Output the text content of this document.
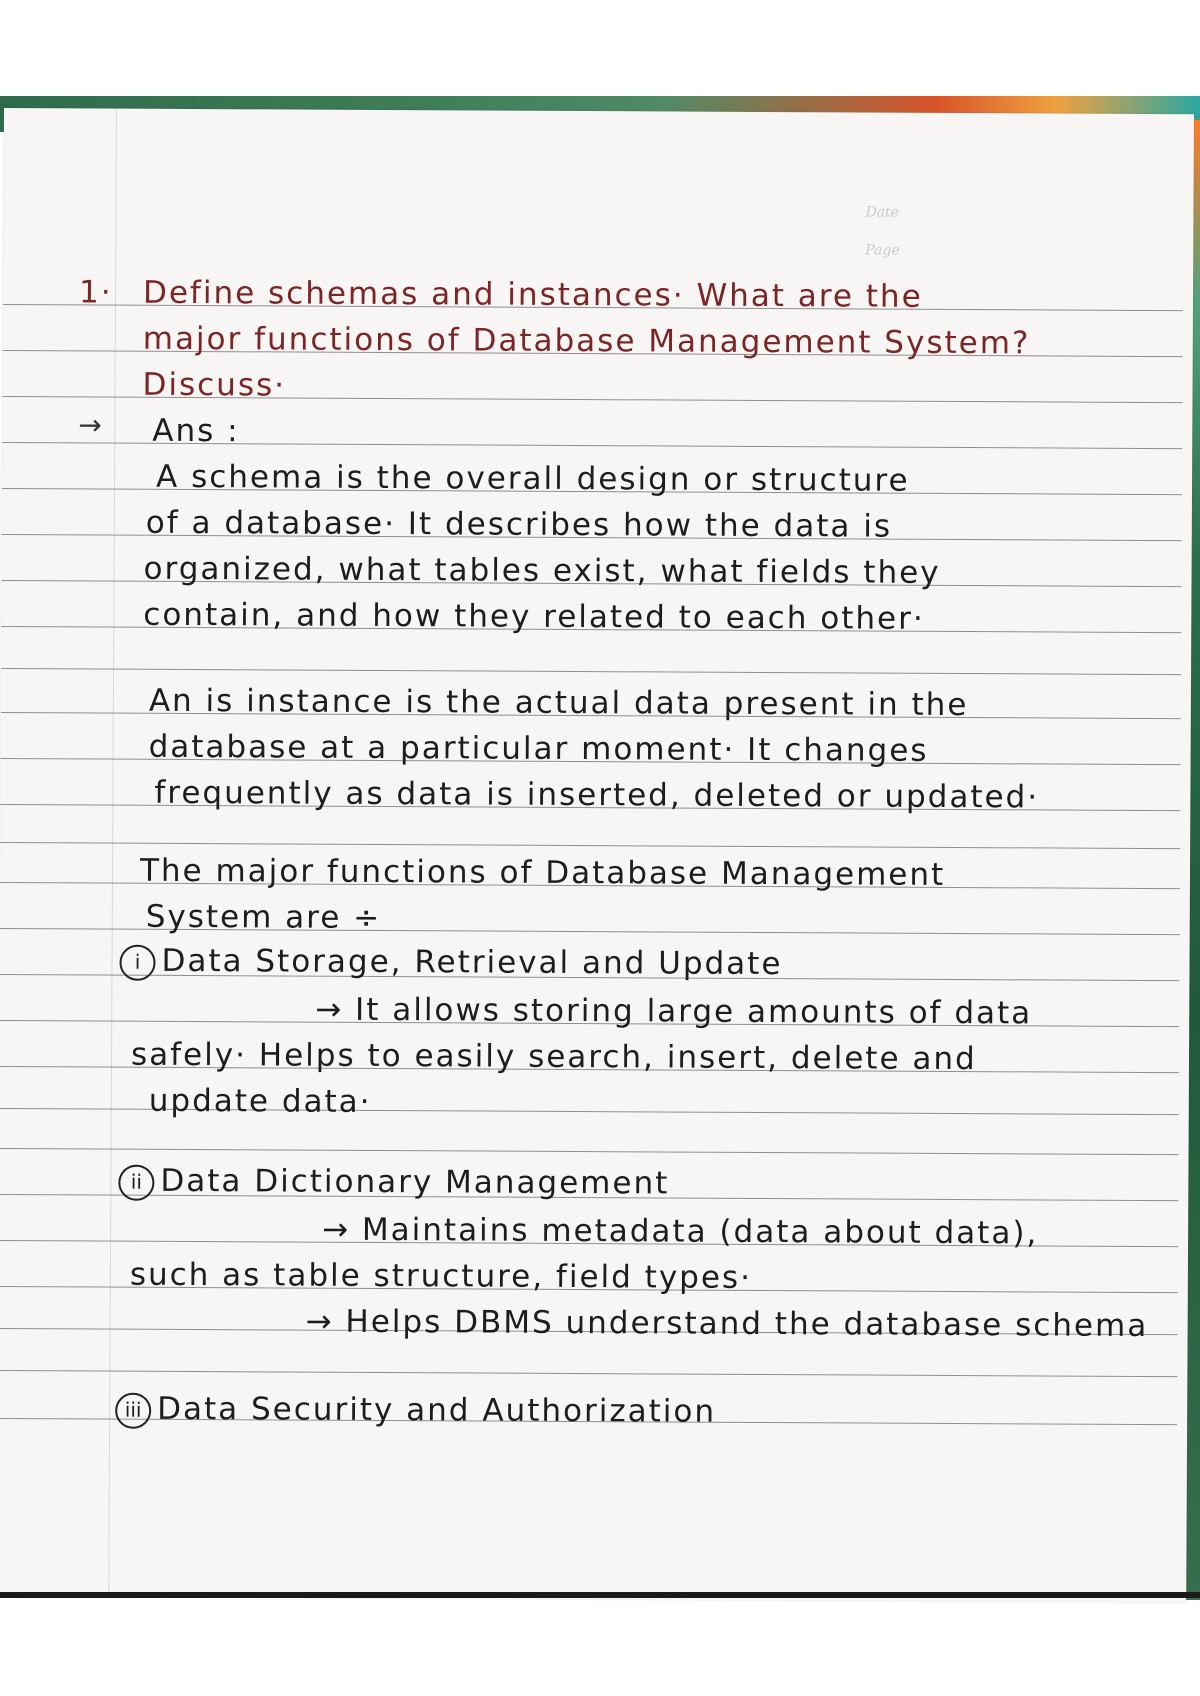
Date
Page
1· Define schemas and instances· What are the
major functions of Database Management System?
Discuss·
→ Ans :
A schema is the overall design or structure
of a database· It describes how the data is
organized, what tables exist, what fields they
contain, and how they related to each other·
An is instance is the actual data present in the
database at a particular moment· It changes
frequently as data is inserted, deleted or updated·
The major functions of Database Management
System are ÷
i Data Storage, Retrieval and Update
→ It allows storing large amounts of data
safely· Helps to easily search, insert, delete and
update data·
ii Data Dictionary Management
→ Maintains metadata (data about data),
such as table structure, field types·
→ Helps DBMS understand the database schema
iii Data Security and Authorization
